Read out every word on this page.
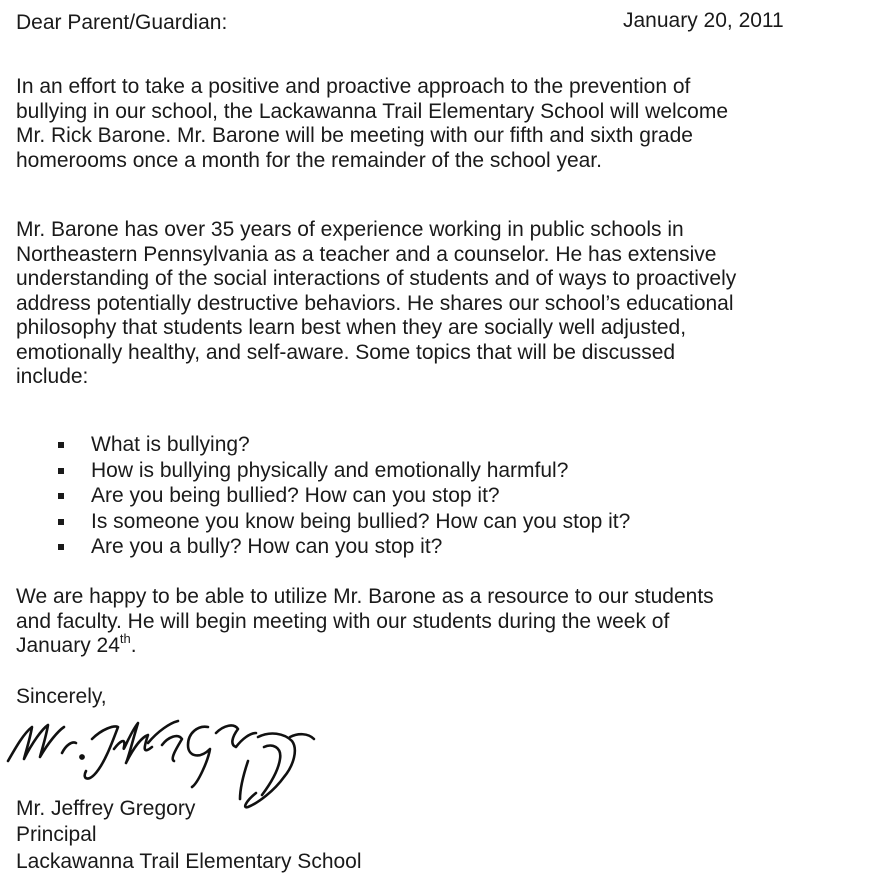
Dear Parent/Guardian:	January 20, 2011
In an effort to take a positive and proactive approach to the prevention of
bullying in our school, the Lackawanna Trail Elementary School will welcome
Mr. Rick Barone. Mr. Barone will be meeting with our fifth and sixth grade
homerooms once a month for the remainder of the school year.
Mr. Barone has over 35 years of experience working in public schools in
Northeastern Pennsylvania as a teacher and a counselor. He has extensive
understanding of the social interactions of students and of ways to proactively
address potentially destructive behaviors. He shares our school’s educational
philosophy that students learn best when they are socially well adjusted,
emotionally healthy, and self-aware. Some topics that will be discussed
include:
What is bullying?
How is bullying physically and emotionally harmful?
Are you being bullied? How can you stop it?
Is someone you know being bullied? How can you stop it?
Are you a bully? How can you stop it?
We are happy to be able to utilize Mr. Barone as a resource to our students
and faculty. He will begin meeting with our students during the week of
January 24th.
Sincerely,
Mr. Jeffrey Gregory
Principal
Lackawanna Trail Elementary School
